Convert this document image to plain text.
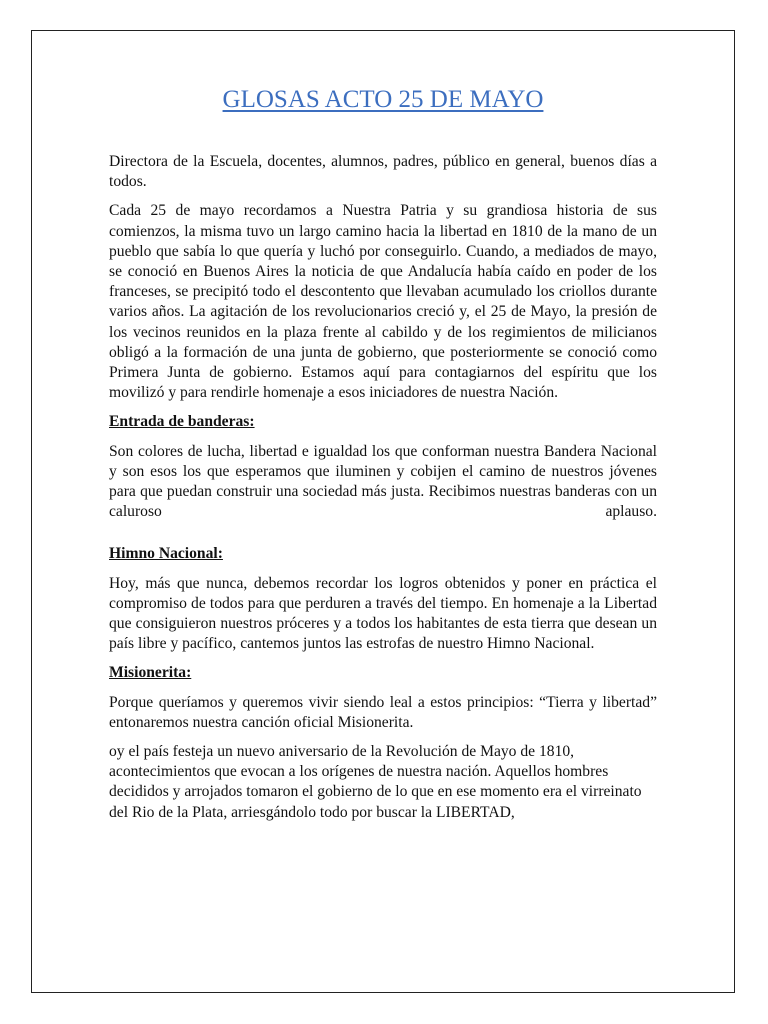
GLOSAS ACTO 25 DE MAYO

Directora de la Escuela, docentes, alumnos, padres, público en general, buenos días a todos.

Cada 25 de mayo recordamos a Nuestra Patria y su grandiosa historia de sus comienzos, la misma tuvo un largo camino hacia la libertad en 1810 de la mano de un pueblo que sabía lo que quería y luchó por conseguirlo. Cuando, a mediados de mayo, se conoció en Buenos Aires la noticia de que Andalucía había caído en poder de los franceses, se precipitó todo el descontento que llevaban acumulado los criollos durante varios años. La agitación de los revolucionarios creció y, el 25 de Mayo, la presión de los vecinos reunidos en la plaza frente al cabildo y de los regimientos de milicianos obligó a la formación de una junta de gobierno, que posteriormente se conoció como Primera Junta de gobierno. Estamos aquí para contagiarnos del espíritu que los movilizó y para rendirle homenaje a esos iniciadores de nuestra Nación.

Entrada de banderas:

Son colores de lucha, libertad e igualdad los que conforman nuestra Bandera Nacional y son esos los que esperamos que iluminen y cobijen el camino de nuestros jóvenes para que puedan construir una sociedad más justa. Recibimos nuestras banderas con un caluroso aplauso.

Himno Nacional:

Hoy, más que nunca, debemos recordar los logros obtenidos y poner en práctica el compromiso de todos para que perduren a través del tiempo. En homenaje a la Libertad que consiguieron nuestros próceres y a todos los habitantes de esta tierra que desean un país libre y pacífico, cantemos juntos las estrofas de nuestro Himno Nacional.

Misionerita:

Porque queríamos y queremos vivir siendo leal a estos principios: “Tierra y libertad” entonaremos nuestra canción oficial Misionerita.

oy el país festeja un nuevo aniversario de la Revolución de Mayo de 1810, acontecimientos que evocan a los orígenes de nuestra nación. Aquellos hombres

decididos y arrojados tomaron el gobierno de lo que en ese momento era el virreinato del Rio de la Plata, arriesgándolo todo por buscar la LIBERTAD,
